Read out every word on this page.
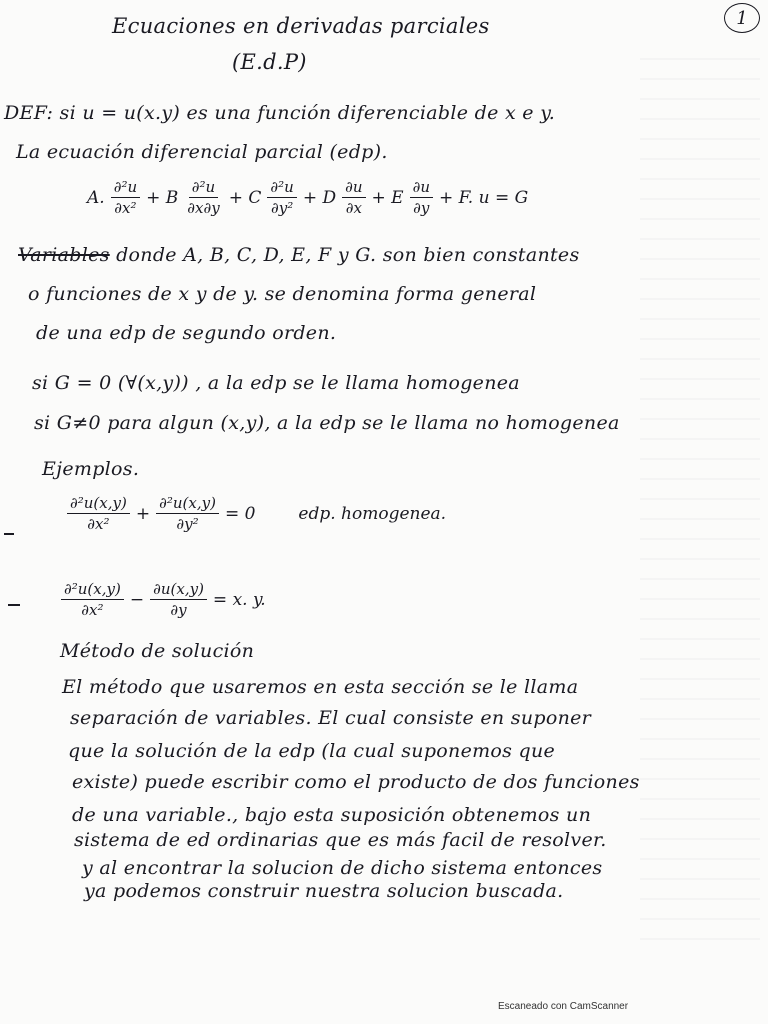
1
Ecuaciones en derivadas parciales
(E.d.P)
DEF: si u = u(x.y) es una función diferenciable de x e y.
La ecuación diferencial parcial (edp).
A. $\frac{\text{∂²u}}{\text{∂x²}} + B \frac{\text{∂²u}}{\partial x\partial y} + C \frac{\text{∂²u}}{\text{∂y²}} + D \frac{\partial u}{\partial x} + E \frac{\partial u}{\partial y} + F$. u = G
Variables donde A, B, C, D, E, F y G. son bien constantes
o funciones de x y de y. se denomina forma general
de una edp de segundo orden.
si G = 0 (∀(x,y)) , a la edp se le llama homogenea
si G≠0 para algun (x,y), a la edp se le llama no homogenea
Ejemplos.
$\frac{\text{∂²u(x,y)}}{\text{∂x²}} + \frac{\text{∂²u(x,y)}}{\text{∂y²}} = 0$	edp. homogenea.
$\frac{\text{∂²u(x,y)}}{\text{∂x²}} - \frac{\partial u(x,y)}{\partial y} = x$. y.
Método de solución
El método que usaremos en esta sección se le llama
separación de variables. El cual consiste en suponer
que la solución de la edp (la cual suponemos que
existe) puede escribir como el producto de dos funciones
de una variable., bajo esta suposición obtenemos un
sistema de ed ordinarias que es más facil de resolver.
y al encontrar la solucion de dicho sistema entonces
ya podemos construir nuestra solucion buscada.
Escaneado con CamScanner
